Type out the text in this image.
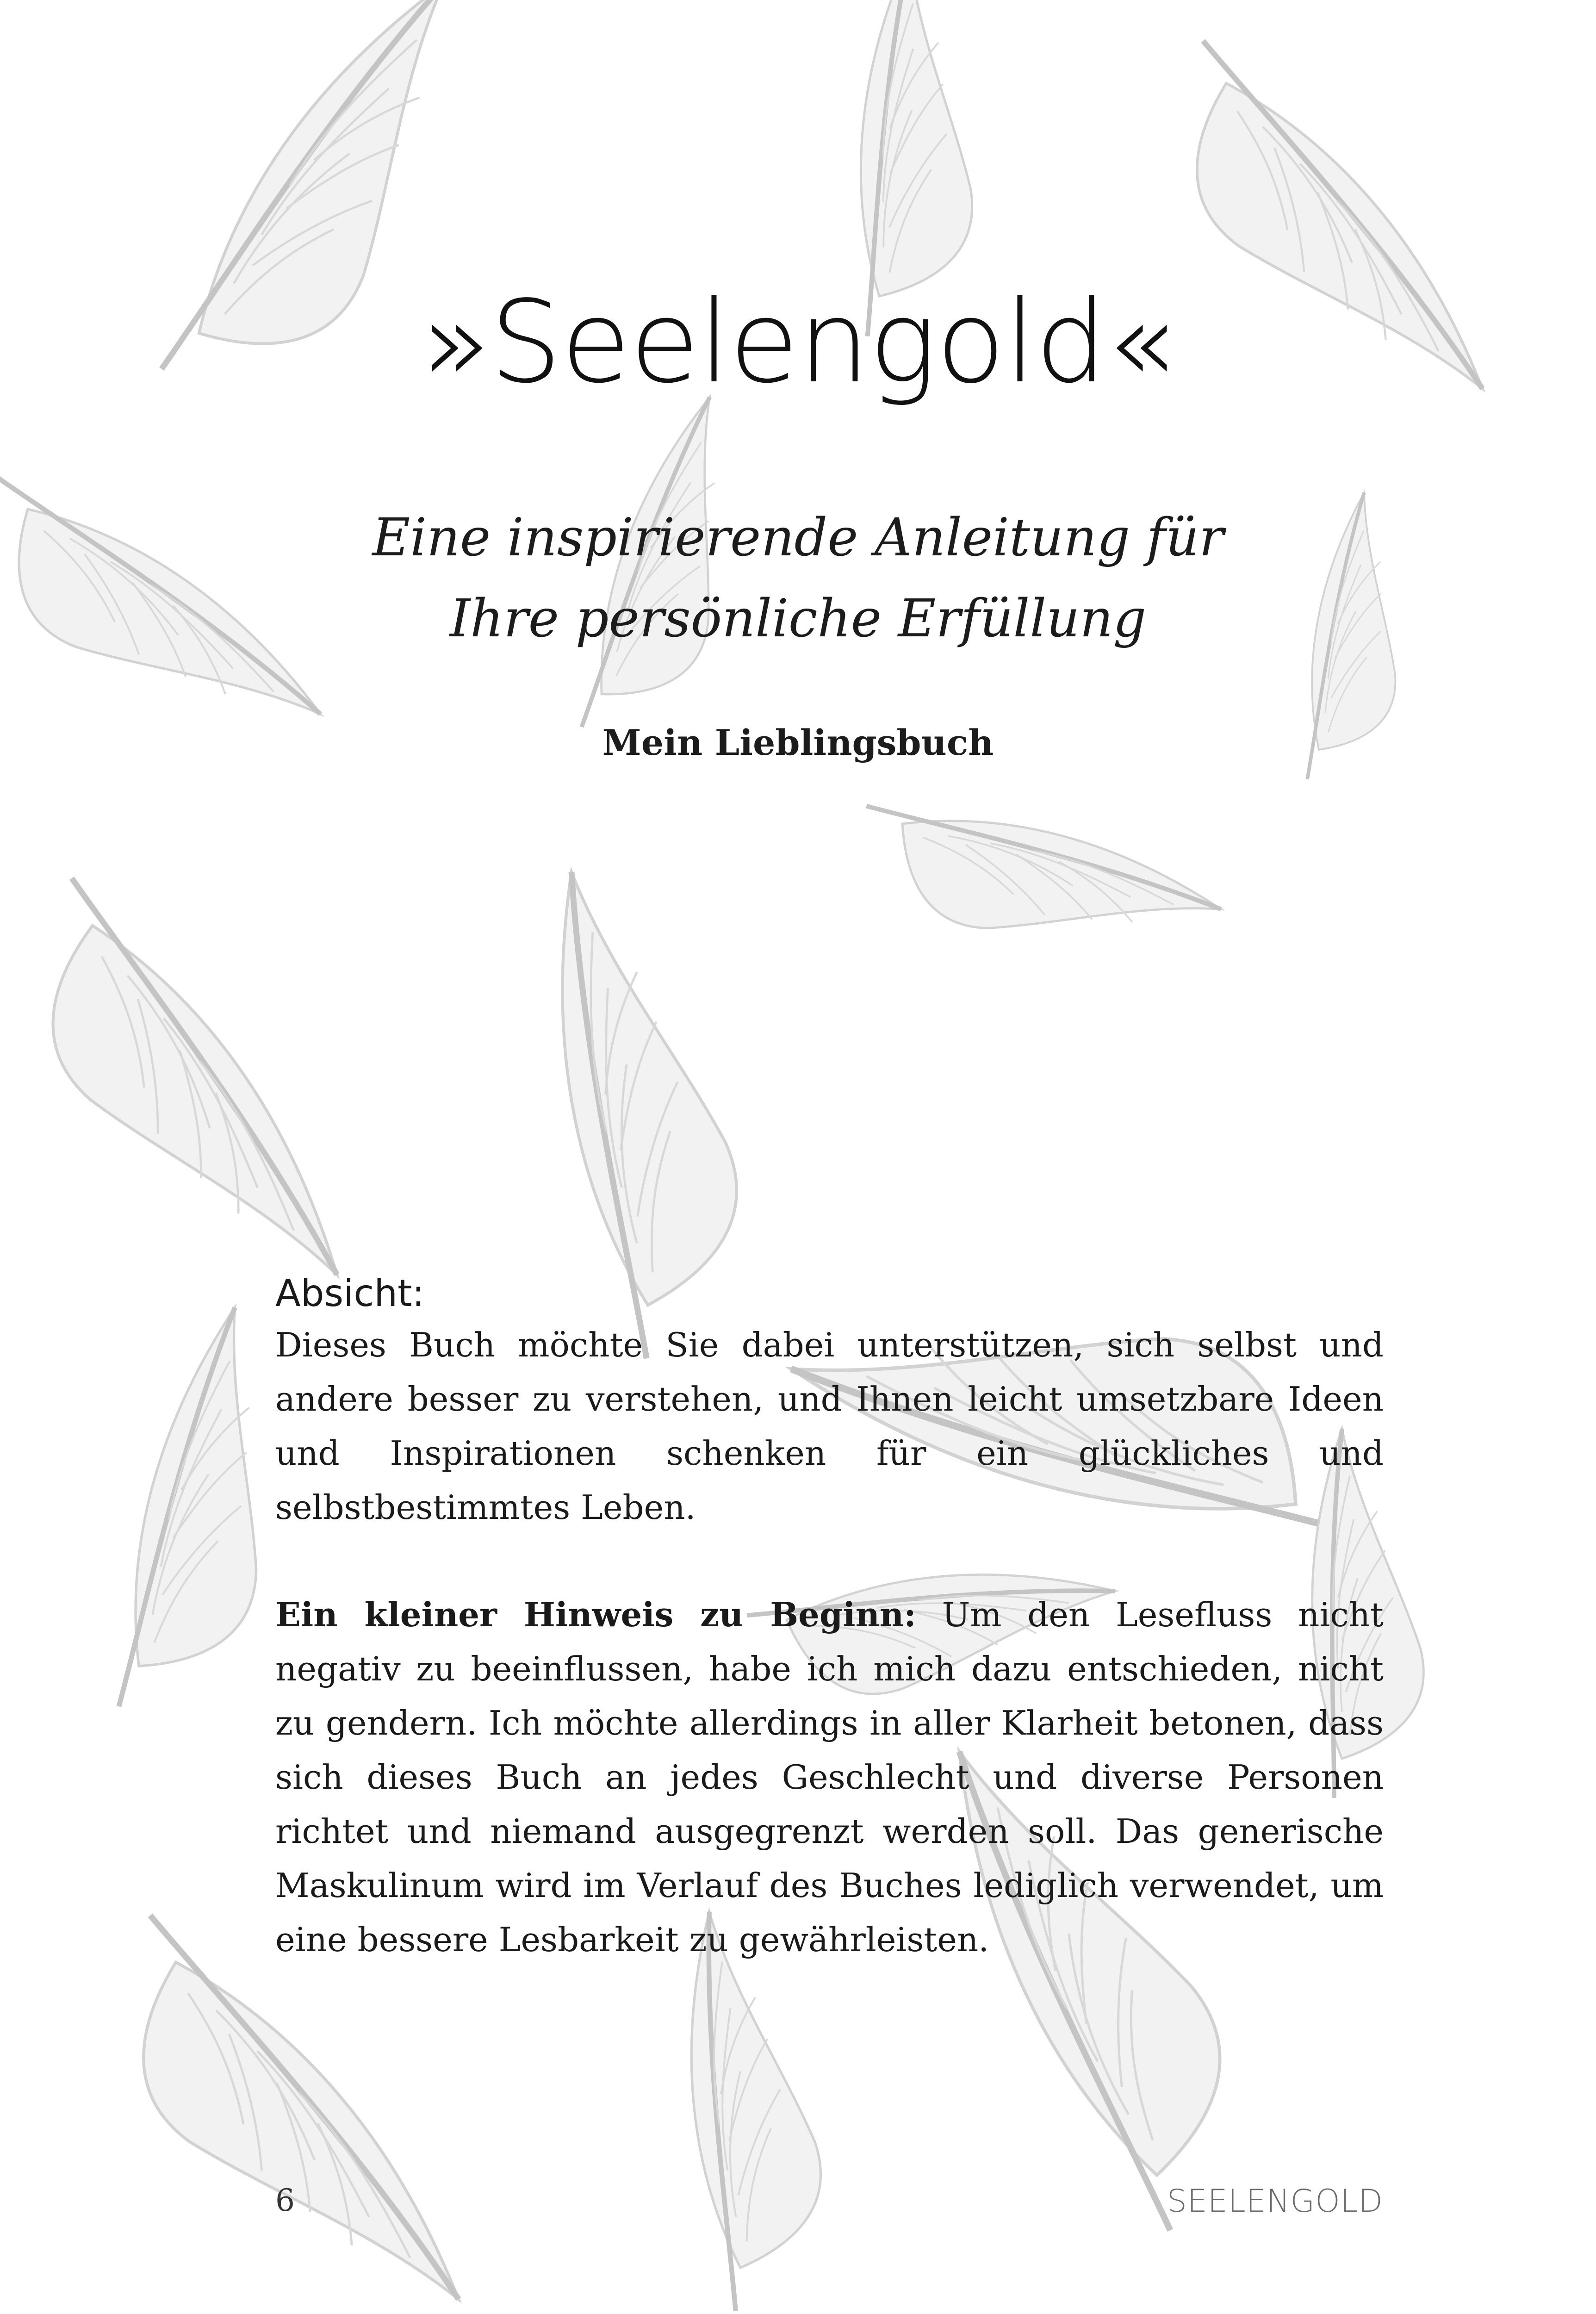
»Seelengold«
Eine inspirierende Anleitung für
Ihre persönliche Erfüllung
Mein Lieblingsbuch
Absicht:
Dieses Buch möchte Sie dabei unterstützen, sich selbst und andere besser zu verstehen, und Ihnen leicht umsetzbare Ideen und Inspirationen schenken für ein glückliches und selbstbestimmtes Leben.
Ein kleiner Hinweis zu Beginn: Um den Lesefluss nicht negativ zu beeinflussen, habe ich mich dazu entschieden, nicht zu gendern. Ich möchte allerdings in aller Klarheit betonen, dass sich dieses Buch an jedes Geschlecht und diverse Personen richtet und niemand ausgegrenzt werden soll. Das generische Maskulinum wird im Verlauf des Buches lediglich verwendet, um eine bessere Lesbarkeit zu gewährleisten.
6	SEELENGOLD
